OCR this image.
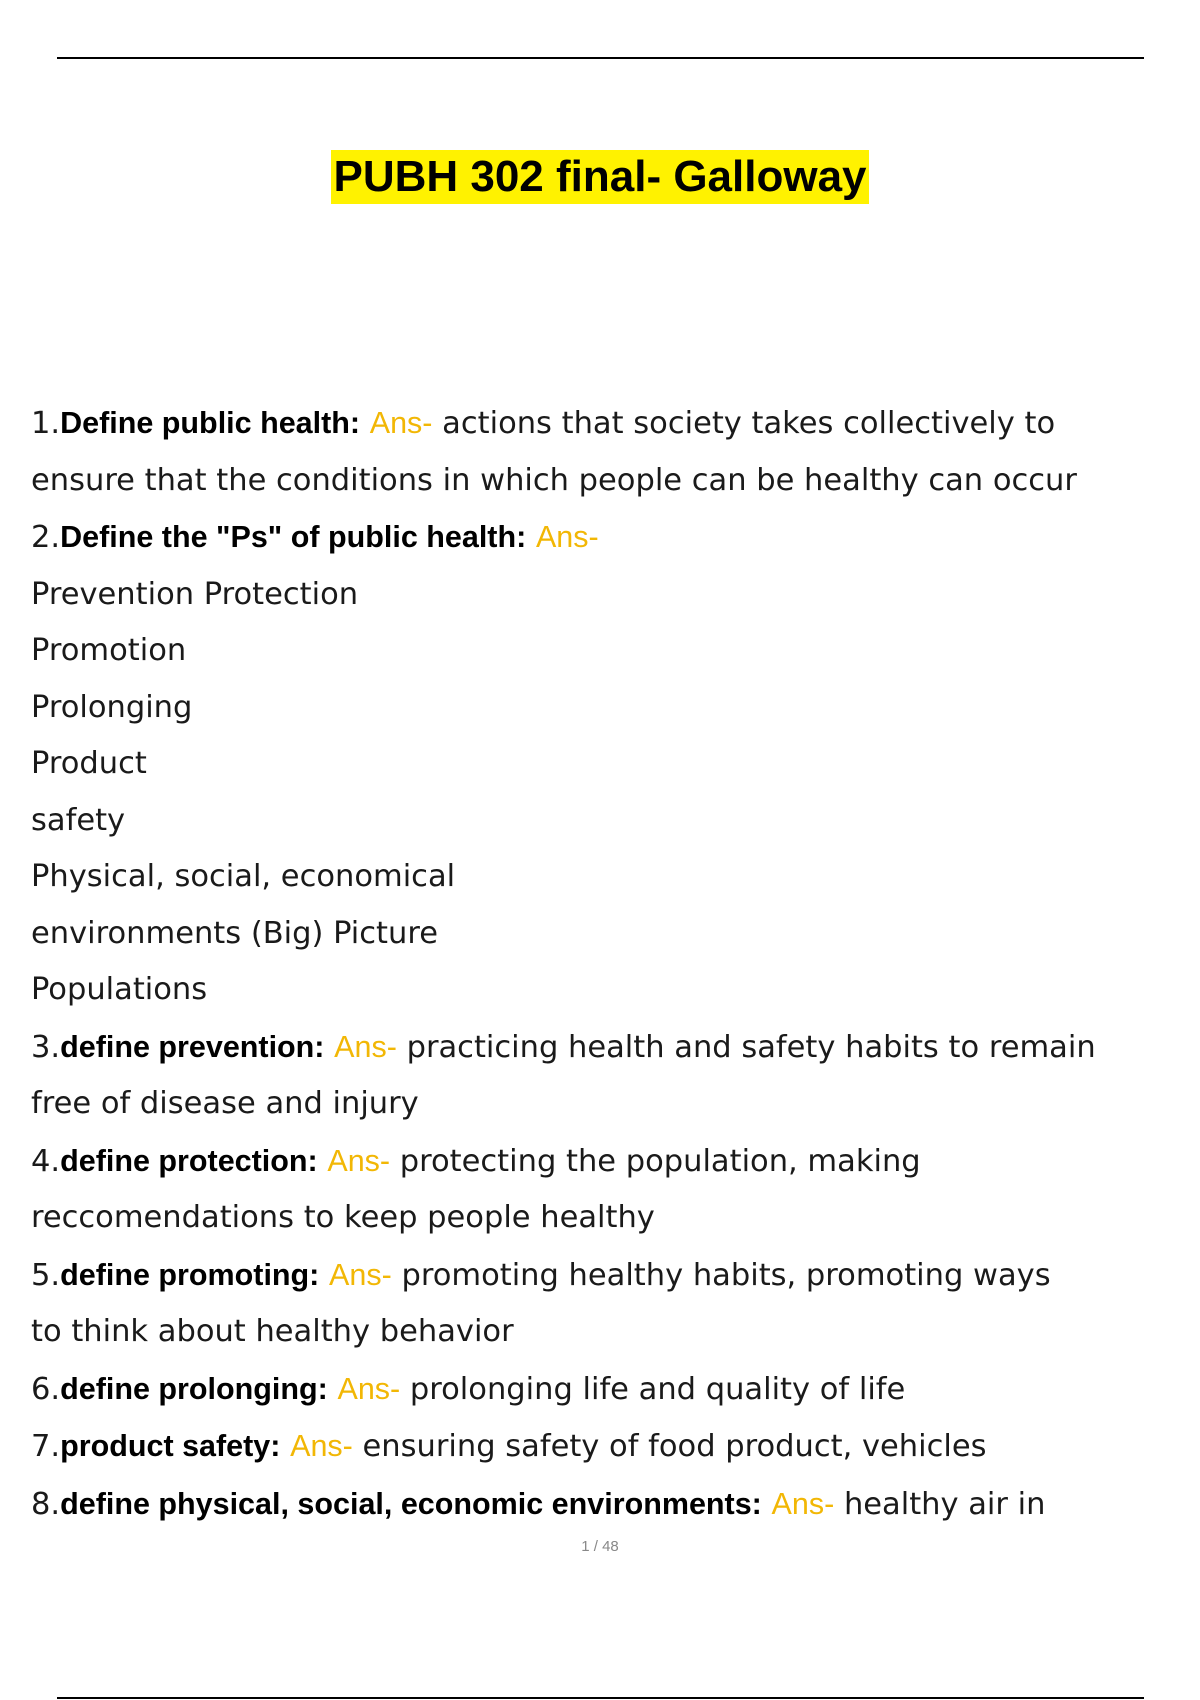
PUBH 302 final- Galloway
1.Define public health: Ans- actions that society takes collectively to
ensure that the conditions in which people can be healthy can occur
2.Define the "Ps" of public health: Ans-
Prevention Protection
Promotion
Prolonging
Product
safety
Physical, social, economical
environments (Big) Picture
Populations
3.define prevention: Ans- practicing health and safety habits to remain
free of disease and injury
4.define protection: Ans- protecting the population, making
reccomendations to keep people healthy
5.define promoting: Ans- promoting healthy habits, promoting ways
to think about healthy behavior
6.define prolonging: Ans- prolonging life and quality of life
7.product safety: Ans- ensuring safety of food product, vehicles
8.define physical, social, economic environments: Ans- healthy air in
1 / 48
